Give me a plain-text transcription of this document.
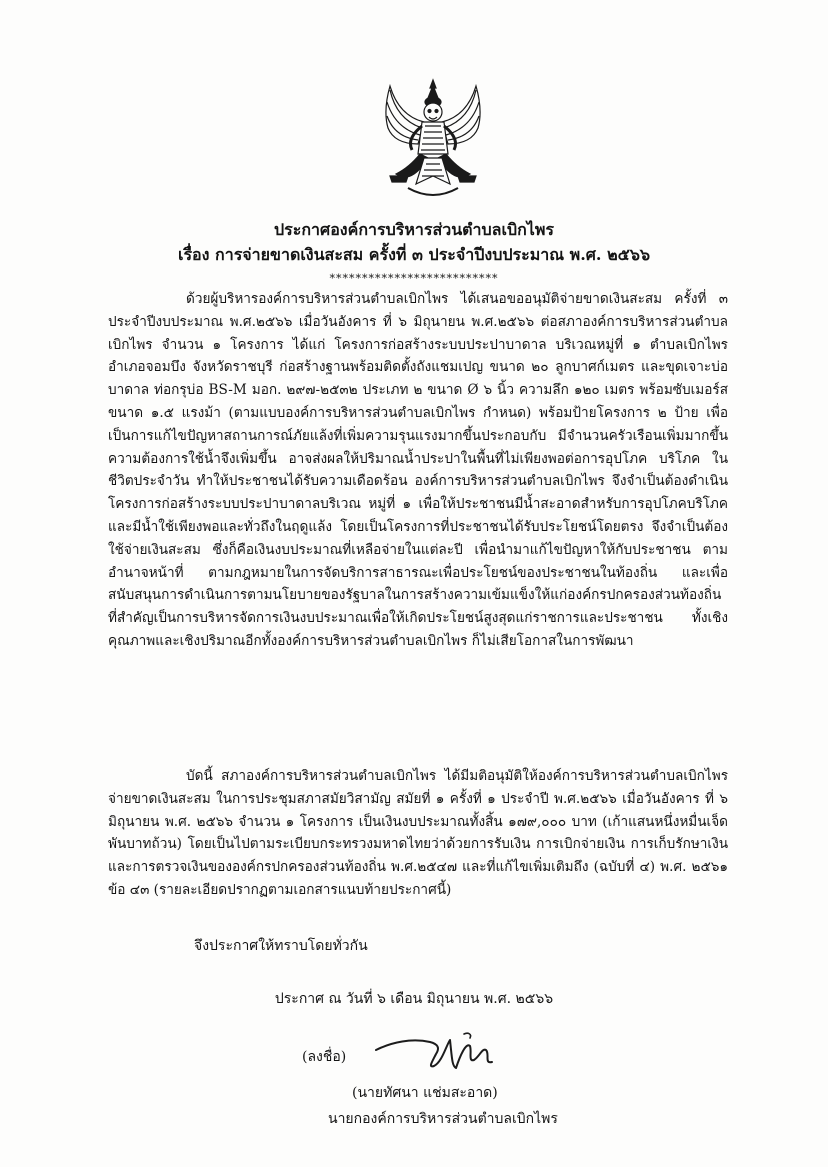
ประกาศองค์การบริหารส่วนตำบลเบิกไพร
เรื่อง การจ่ายขาดเงินสะสม ครั้งที่ ๓ ประจำปีงบประมาณ พ.ศ. ๒๕๖๖
**************************

ด้วยผู้บริหารองค์การบริหารส่วนตำบลเบิกไพร ได้เสนอขออนุมัติจ่ายขาดเงินสะสม ครั้งที่ ๓ ประจำปีงบประมาณ พ.ศ.๒๕๖๖ เมื่อวันอังคาร ที่ ๖ มิถุนายน พ.ศ.๒๕๖๖ ต่อสภาองค์การบริหารส่วนตำบลเบิกไพร จำนวน ๑ โครงการ ได้แก่ โครงการก่อสร้างระบบประปาบาดาล บริเวณหมู่ที่ ๑ ตำบลเบิกไพร อำเภอจอมบึง จังหวัดราชบุรี ก่อสร้างฐานพร้อมติดตั้งถังแชมเปญ ขนาด ๒๐ ลูกบาศก์เมตร และขุดเจาะบ่อบาดาล ท่อกรุบ่อ BS-M มอก. ๒๙๗-๒๕๓๒ ประเภท ๒ ขนาด Ø ๖ นิ้ว ความลึก ๑๒๐ เมตร พร้อมซับเมอร์ส ขนาด ๑.๕ แรงม้า (ตามแบบองค์การบริหารส่วนตำบลเบิกไพร กำหนด) พร้อมป้ายโครงการ ๒ ป้าย เพื่อเป็นการแก้ไขปัญหาสถานการณ์ภัยแล้งที่เพิ่มความรุนแรงมากขึ้นประกอบกับ มีจำนวนครัวเรือนเพิ่มมากขึ้น ความต้องการใช้น้ำจึงเพิ่มขึ้น อาจส่งผลให้ปริมาณน้ำประปาในพื้นที่ไม่เพียงพอต่อการอุปโภค บริโภค ในชีวิตประจำวัน ทำให้ประชาชนได้รับความเดือดร้อน องค์การบริหารส่วนตำบลเบิกไพร จึงจำเป็นต้องดำเนินโครงการก่อสร้างระบบประปาบาดาลบริเวณ หมู่ที่ ๑ เพื่อให้ประชาชนมีน้ำสะอาดสำหรับการอุปโภคบริโภค และมีน้ำใช้เพียงพอและทั่วถึงในฤดูแล้ง โดยเป็นโครงการที่ประชาชนได้รับประโยชน์โดยตรง จึงจำเป็นต้องใช้จ่ายเงินสะสม ซึ่งก็คือเงินงบประมาณที่เหลือจ่ายในแต่ละปี เพื่อนำมาแก้ไขปัญหาให้กับประชาชน ตามอำนาจหน้าที่ ตามกฎหมายในการจัดบริการสาธารณะเพื่อประโยชน์ของประชาชนในท้องถิ่น และเพื่อสนับสนุนการดำเนินการตามนโยบายของรัฐบาลในการสร้างความเข้มแข็งให้แก่องค์กรปกครองส่วนท้องถิ่น ที่สำคัญเป็นการบริหารจัดการเงินงบประมาณเพื่อให้เกิดประโยชน์สูงสุดแก่ราชการและประชาชน ทั้งเชิงคุณภาพและเชิงปริมาณอีกทั้งองค์การบริหารส่วนตำบลเบิกไพร ก็ไม่เสียโอกาสในการพัฒนา

บัดนี้ สภาองค์การบริหารส่วนตำบลเบิกไพร ได้มีมติอนุมัติให้องค์การบริหารส่วนตำบลเบิกไพร จ่ายขาดเงินสะสม ในการประชุมสภาสมัยวิสามัญ สมัยที่ ๑ ครั้งที่ ๑ ประจำปี พ.ศ.๒๕๖๖ เมื่อวันอังคาร ที่ ๖ มิถุนายน พ.ศ. ๒๕๖๖ จำนวน ๑ โครงการ เป็นเงินงบประมาณทั้งสิ้น ๑๗๙,๐๐๐ บาท (เก้าแสนหนึ่งหมื่นเจ็ดพันบาทถ้วน) โดยเป็นไปตามระเบียบกระทรวงมหาดไทยว่าด้วยการรับเงิน การเบิกจ่ายเงิน การเก็บรักษาเงิน และการตรวจเงินขององค์กรปกครองส่วนท้องถิ่น พ.ศ.๒๕๔๗ และที่แก้ไขเพิ่มเติมถึง (ฉบับที่ ๔) พ.ศ. ๒๕๖๑ ข้อ ๔๓ (รายละเอียดปรากฏตามเอกสารแนบท้ายประกาศนี้)

จึงประกาศให้ทราบโดยทั่วกัน
ประกาศ ณ วันที่ ๖ เดือน มิถุนายน พ.ศ. ๒๕๖๖
(ลงชื่อ)
(นายทัศนา แช่มสะอาด)
นายกองค์การบริหารส่วนตำบลเบิกไพร
